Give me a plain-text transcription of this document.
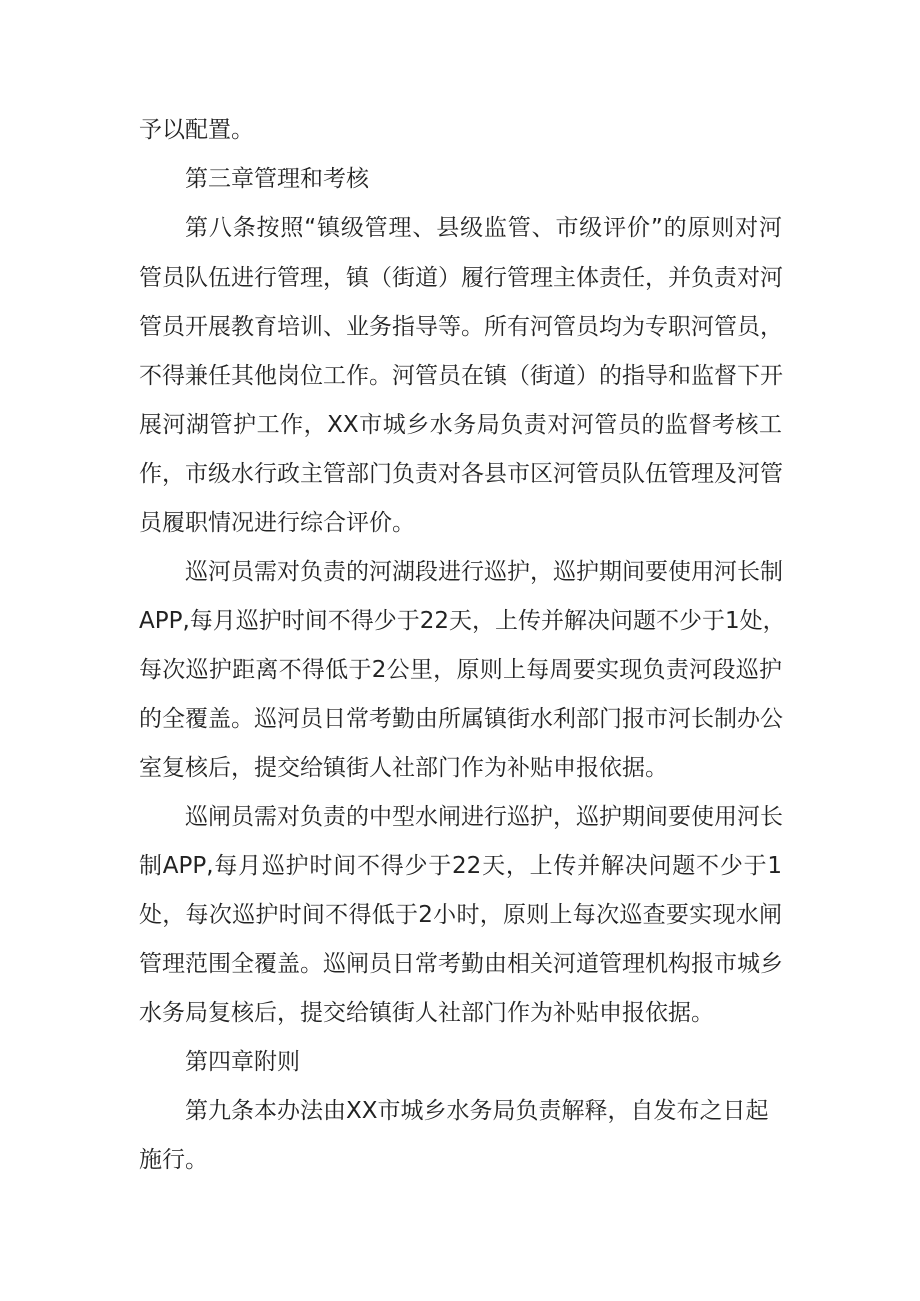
予以配置。

第三章管理和考核

第八条按照“镇级管理、县级监管、市级评价”的原则对河

管员队伍进行管理，镇（街道）履行管理主体责任，并负责对河

管员开展教育培训、业务指导等。所有河管员均为专职河管员，

不得兼任其他岗位工作。河管员在镇（街道）的指导和监督下开

展河湖管护工作，XX市城乡水务局负责对河管员的监督考核工

作，市级水行政主管部门负责对各县市区河管员队伍管理及河管

员履职情况进行综合评价。

巡河员需对负责的河湖段进行巡护，巡护期间要使用河长制

APP,每月巡护时间不得少于22天，上传并解决问题不少于1处，

每次巡护距离不得低于2公里，原则上每周要实现负责河段巡护

的全覆盖。巡河员日常考勤由所属镇街水利部门报市河长制办公

室复核后，提交给镇街人社部门作为补贴申报依据。

巡闸员需对负责的中型水闸进行巡护，巡护期间要使用河长

制APP,每月巡护时间不得少于22天，上传并解决问题不少于1

处，每次巡护时间不得低于2小时，原则上每次巡查要实现水闸

管理范围全覆盖。巡闸员日常考勤由相关河道管理机构报市城乡

水务局复核后，提交给镇街人社部门作为补贴申报依据。

第四章附则

第九条本办法由XX市城乡水务局负责解释，自发布之日起

施行。
